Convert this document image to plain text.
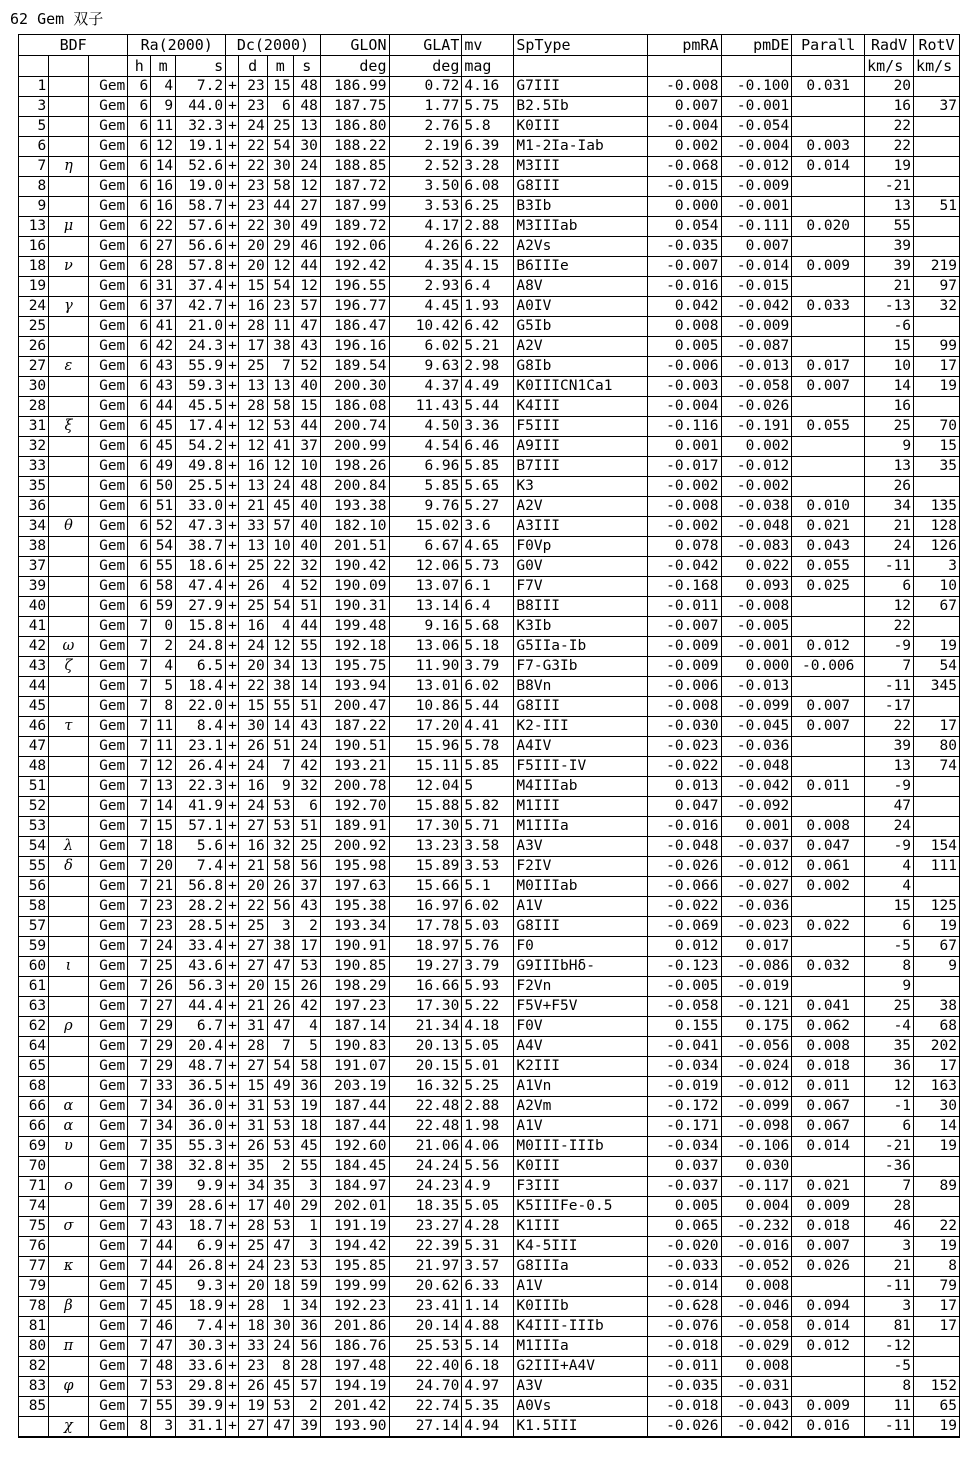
62 Gem 双子
BDF			Ra(2000)			Dc(2000)				GLON	GLAT	mv	SpType	pmRA	pmDE	Parall	RadV	RotV
			h	m	s		d	m	s	deg	deg	mag					km/s	km/s
1		Gem	6	4	7.2	+	23	15	48	186.99	0.72	4.16	G7III	-0.008	-0.100	0.031	20	
3		Gem	6	9	44.0	+	23	6	48	187.75	1.77	5.75	B2.5Ib	0.007	-0.001		16	37
5		Gem	6	11	32.3	+	24	25	13	186.80	2.76	5.8	K0III	-0.004	-0.054		22	
6		Gem	6	12	19.1	+	22	54	30	188.22	2.19	6.39	M1-2Ia-Iab	0.002	-0.004	0.003	22	
7	η	Gem	6	14	52.6	+	22	30	24	188.85	2.52	3.28	M3III	-0.068	-0.012	0.014	19	
8		Gem	6	16	19.0	+	23	58	12	187.72	3.50	6.08	G8III	-0.015	-0.009		-21	
9		Gem	6	16	58.7	+	23	44	27	187.99	3.53	6.25	B3Ib	0.000	-0.001		13	51
13	μ	Gem	6	22	57.6	+	22	30	49	189.72	4.17	2.88	M3IIIab	0.054	-0.111	0.020	55	
16		Gem	6	27	56.6	+	20	29	46	192.06	4.26	6.22	A2Vs	-0.035	0.007		39	
18	ν	Gem	6	28	57.8	+	20	12	44	192.42	4.35	4.15	B6IIIe	-0.007	-0.014	0.009	39	219
19		Gem	6	31	37.4	+	15	54	12	196.55	2.93	6.4	A8V	-0.016	-0.015		21	97
24	γ	Gem	6	37	42.7	+	16	23	57	196.77	4.45	1.93	A0IV	0.042	-0.042	0.033	-13	32
25		Gem	6	41	21.0	+	28	11	47	186.47	10.42	6.42	G5Ib	0.008	-0.009		-6	
26		Gem	6	42	24.3	+	17	38	43	196.16	6.02	5.21	A2V	0.005	-0.087		15	99
27	ε	Gem	6	43	55.9	+	25	7	52	189.54	9.63	2.98	G8Ib	-0.006	-0.013	0.017	10	17
30		Gem	6	43	59.3	+	13	13	40	200.30	4.37	4.49	K0IIICN1Ca1	-0.003	-0.058	0.007	14	19
28		Gem	6	44	45.5	+	28	58	15	186.08	11.43	5.44	K4III	-0.004	-0.026		16	
31	ξ	Gem	6	45	17.4	+	12	53	44	200.74	4.50	3.36	F5III	-0.116	-0.191	0.055	25	70
32		Gem	6	45	54.2	+	12	41	37	200.99	4.54	6.46	A9III	0.001	0.002		9	15
33		Gem	6	49	49.8	+	16	12	10	198.26	6.96	5.85	B7III	-0.017	-0.012		13	35
35		Gem	6	50	25.5	+	13	24	48	200.84	5.85	5.65	K3	-0.002	-0.002		26	
36		Gem	6	51	33.0	+	21	45	40	193.38	9.76	5.27	A2V	-0.008	-0.038	0.010	34	135
34	θ	Gem	6	52	47.3	+	33	57	40	182.10	15.02	3.6	A3III	-0.002	-0.048	0.021	21	128
38		Gem	6	54	38.7	+	13	10	40	201.51	6.67	4.65	F0Vp	0.078	-0.083	0.043	24	126
37		Gem	6	55	18.6	+	25	22	32	190.42	12.06	5.73	G0V	-0.042	0.022	0.055	-11	3
39		Gem	6	58	47.4	+	26	4	52	190.09	13.07	6.1	F7V	-0.168	0.093	0.025	6	10
40		Gem	6	59	27.9	+	25	54	51	190.31	13.14	6.4	B8III	-0.011	-0.008		12	67
41		Gem	7	0	15.8	+	16	4	44	199.48	9.16	5.68	K3Ib	-0.007	-0.005		22	
42	ω	Gem	7	2	24.8	+	24	12	55	192.18	13.06	5.18	G5IIa-Ib	-0.009	-0.001	0.012	-9	19
43	ζ	Gem	7	4	6.5	+	20	34	13	195.75	11.90	3.79	F7-G3Ib	-0.009	0.000	-0.006	7	54
44		Gem	7	5	18.4	+	22	38	14	193.94	13.01	6.02	B8Vn	-0.006	-0.013		-11	345
45		Gem	7	8	22.0	+	15	55	51	200.47	10.86	5.44	G8III	-0.008	-0.099	0.007	-17	
46	τ	Gem	7	11	8.4	+	30	14	43	187.22	17.20	4.41	K2-III	-0.030	-0.045	0.007	22	17
47		Gem	7	11	23.1	+	26	51	24	190.51	15.96	5.78	A4IV	-0.023	-0.036		39	80
48		Gem	7	12	26.4	+	24	7	42	193.21	15.11	5.85	F5III-IV	-0.022	-0.048		13	74
51		Gem	7	13	22.3	+	16	9	32	200.78	12.04	5	M4IIIab	0.013	-0.042	0.011	-9	
52		Gem	7	14	41.9	+	24	53	6	192.70	15.88	5.82	M1III	0.047	-0.092		47	
53		Gem	7	15	57.1	+	27	53	51	189.91	17.30	5.71	M1IIIa	-0.016	0.001	0.008	24	
54	λ	Gem	7	18	5.6	+	16	32	25	200.92	13.23	3.58	A3V	-0.048	-0.037	0.047	-9	154
55	δ	Gem	7	20	7.4	+	21	58	56	195.98	15.89	3.53	F2IV	-0.026	-0.012	0.061	4	111
56		Gem	7	21	56.8	+	20	26	37	197.63	15.66	5.1	M0IIIab	-0.066	-0.027	0.002	4	
58		Gem	7	23	28.2	+	22	56	43	195.38	16.97	6.02	A1V	-0.022	-0.036		15	125
57		Gem	7	23	28.5	+	25	3	2	193.34	17.78	5.03	G8III	-0.069	-0.023	0.022	6	19
59		Gem	7	24	33.4	+	27	38	17	190.91	18.97	5.76	F0	0.012	0.017		-5	67
60	ι	Gem	7	25	43.6	+	27	47	53	190.85	19.27	3.79	G9IIIbHδ-	-0.123	-0.086	0.032	8	9
61		Gem	7	26	56.3	+	20	15	26	198.29	16.66	5.93	F2Vn	-0.005	-0.019		9	
63		Gem	7	27	44.4	+	21	26	42	197.23	17.30	5.22	F5V+F5V	-0.058	-0.121	0.041	25	38
62	ρ	Gem	7	29	6.7	+	31	47	4	187.14	21.34	4.18	F0V	0.155	0.175	0.062	-4	68
64		Gem	7	29	20.4	+	28	7	5	190.83	20.13	5.05	A4V	-0.041	-0.056	0.008	35	202
65		Gem	7	29	48.7	+	27	54	58	191.07	20.15	5.01	K2III	-0.034	-0.024	0.018	36	17
68		Gem	7	33	36.5	+	15	49	36	203.19	16.32	5.25	A1Vn	-0.019	-0.012	0.011	12	163
66	α	Gem	7	34	36.0	+	31	53	19	187.44	22.48	2.88	A2Vm	-0.172	-0.099	0.067	-1	30
66	α	Gem	7	34	36.0	+	31	53	18	187.44	22.48	1.98	A1V	-0.171	-0.098	0.067	6	14
69	υ	Gem	7	35	55.3	+	26	53	45	192.60	21.06	4.06	M0III-IIIb	-0.034	-0.106	0.014	-21	19
70		Gem	7	38	32.8	+	35	2	55	184.45	24.24	5.56	K0III	0.037	0.030		-36	
71	ο	Gem	7	39	9.9	+	34	35	3	184.97	24.23	4.9	F3III	-0.037	-0.117	0.021	7	89
74		Gem	7	39	28.6	+	17	40	29	202.01	18.35	5.05	K5IIIFe-0.5	0.005	0.004	0.009	28	
75	σ	Gem	7	43	18.7	+	28	53	1	191.19	23.27	4.28	K1III	0.065	-0.232	0.018	46	22
76		Gem	7	44	6.9	+	25	47	3	194.42	22.39	5.31	K4-5III	-0.020	-0.016	0.007	3	19
77	κ	Gem	7	44	26.8	+	24	23	53	195.85	21.97	3.57	G8IIIa	-0.033	-0.052	0.026	21	8
79		Gem	7	45	9.3	+	20	18	59	199.99	20.62	6.33	A1V	-0.014	0.008		-11	79
78	β	Gem	7	45	18.9	+	28	1	34	192.23	23.41	1.14	K0IIIb	-0.628	-0.046	0.094	3	17
81		Gem	7	46	7.4	+	18	30	36	201.86	20.14	4.88	K4III-IIIb	-0.076	-0.058	0.014	81	17
80	π	Gem	7	47	30.3	+	33	24	56	186.76	25.53	5.14	M1IIIa	-0.018	-0.029	0.012	-12	
82		Gem	7	48	33.6	+	23	8	28	197.48	22.40	6.18	G2III+A4V	-0.011	0.008		-5	
83	φ	Gem	7	53	29.8	+	26	45	57	194.19	24.70	4.97	A3V	-0.035	-0.031		8	152
85		Gem	7	55	39.9	+	19	53	2	201.42	22.74	5.35	A0Vs	-0.018	-0.043	0.009	11	65
	χ	Gem	8	3	31.1	+	27	47	39	193.90	27.14	4.94	K1.5III	-0.026	-0.042	0.016	-11	19
